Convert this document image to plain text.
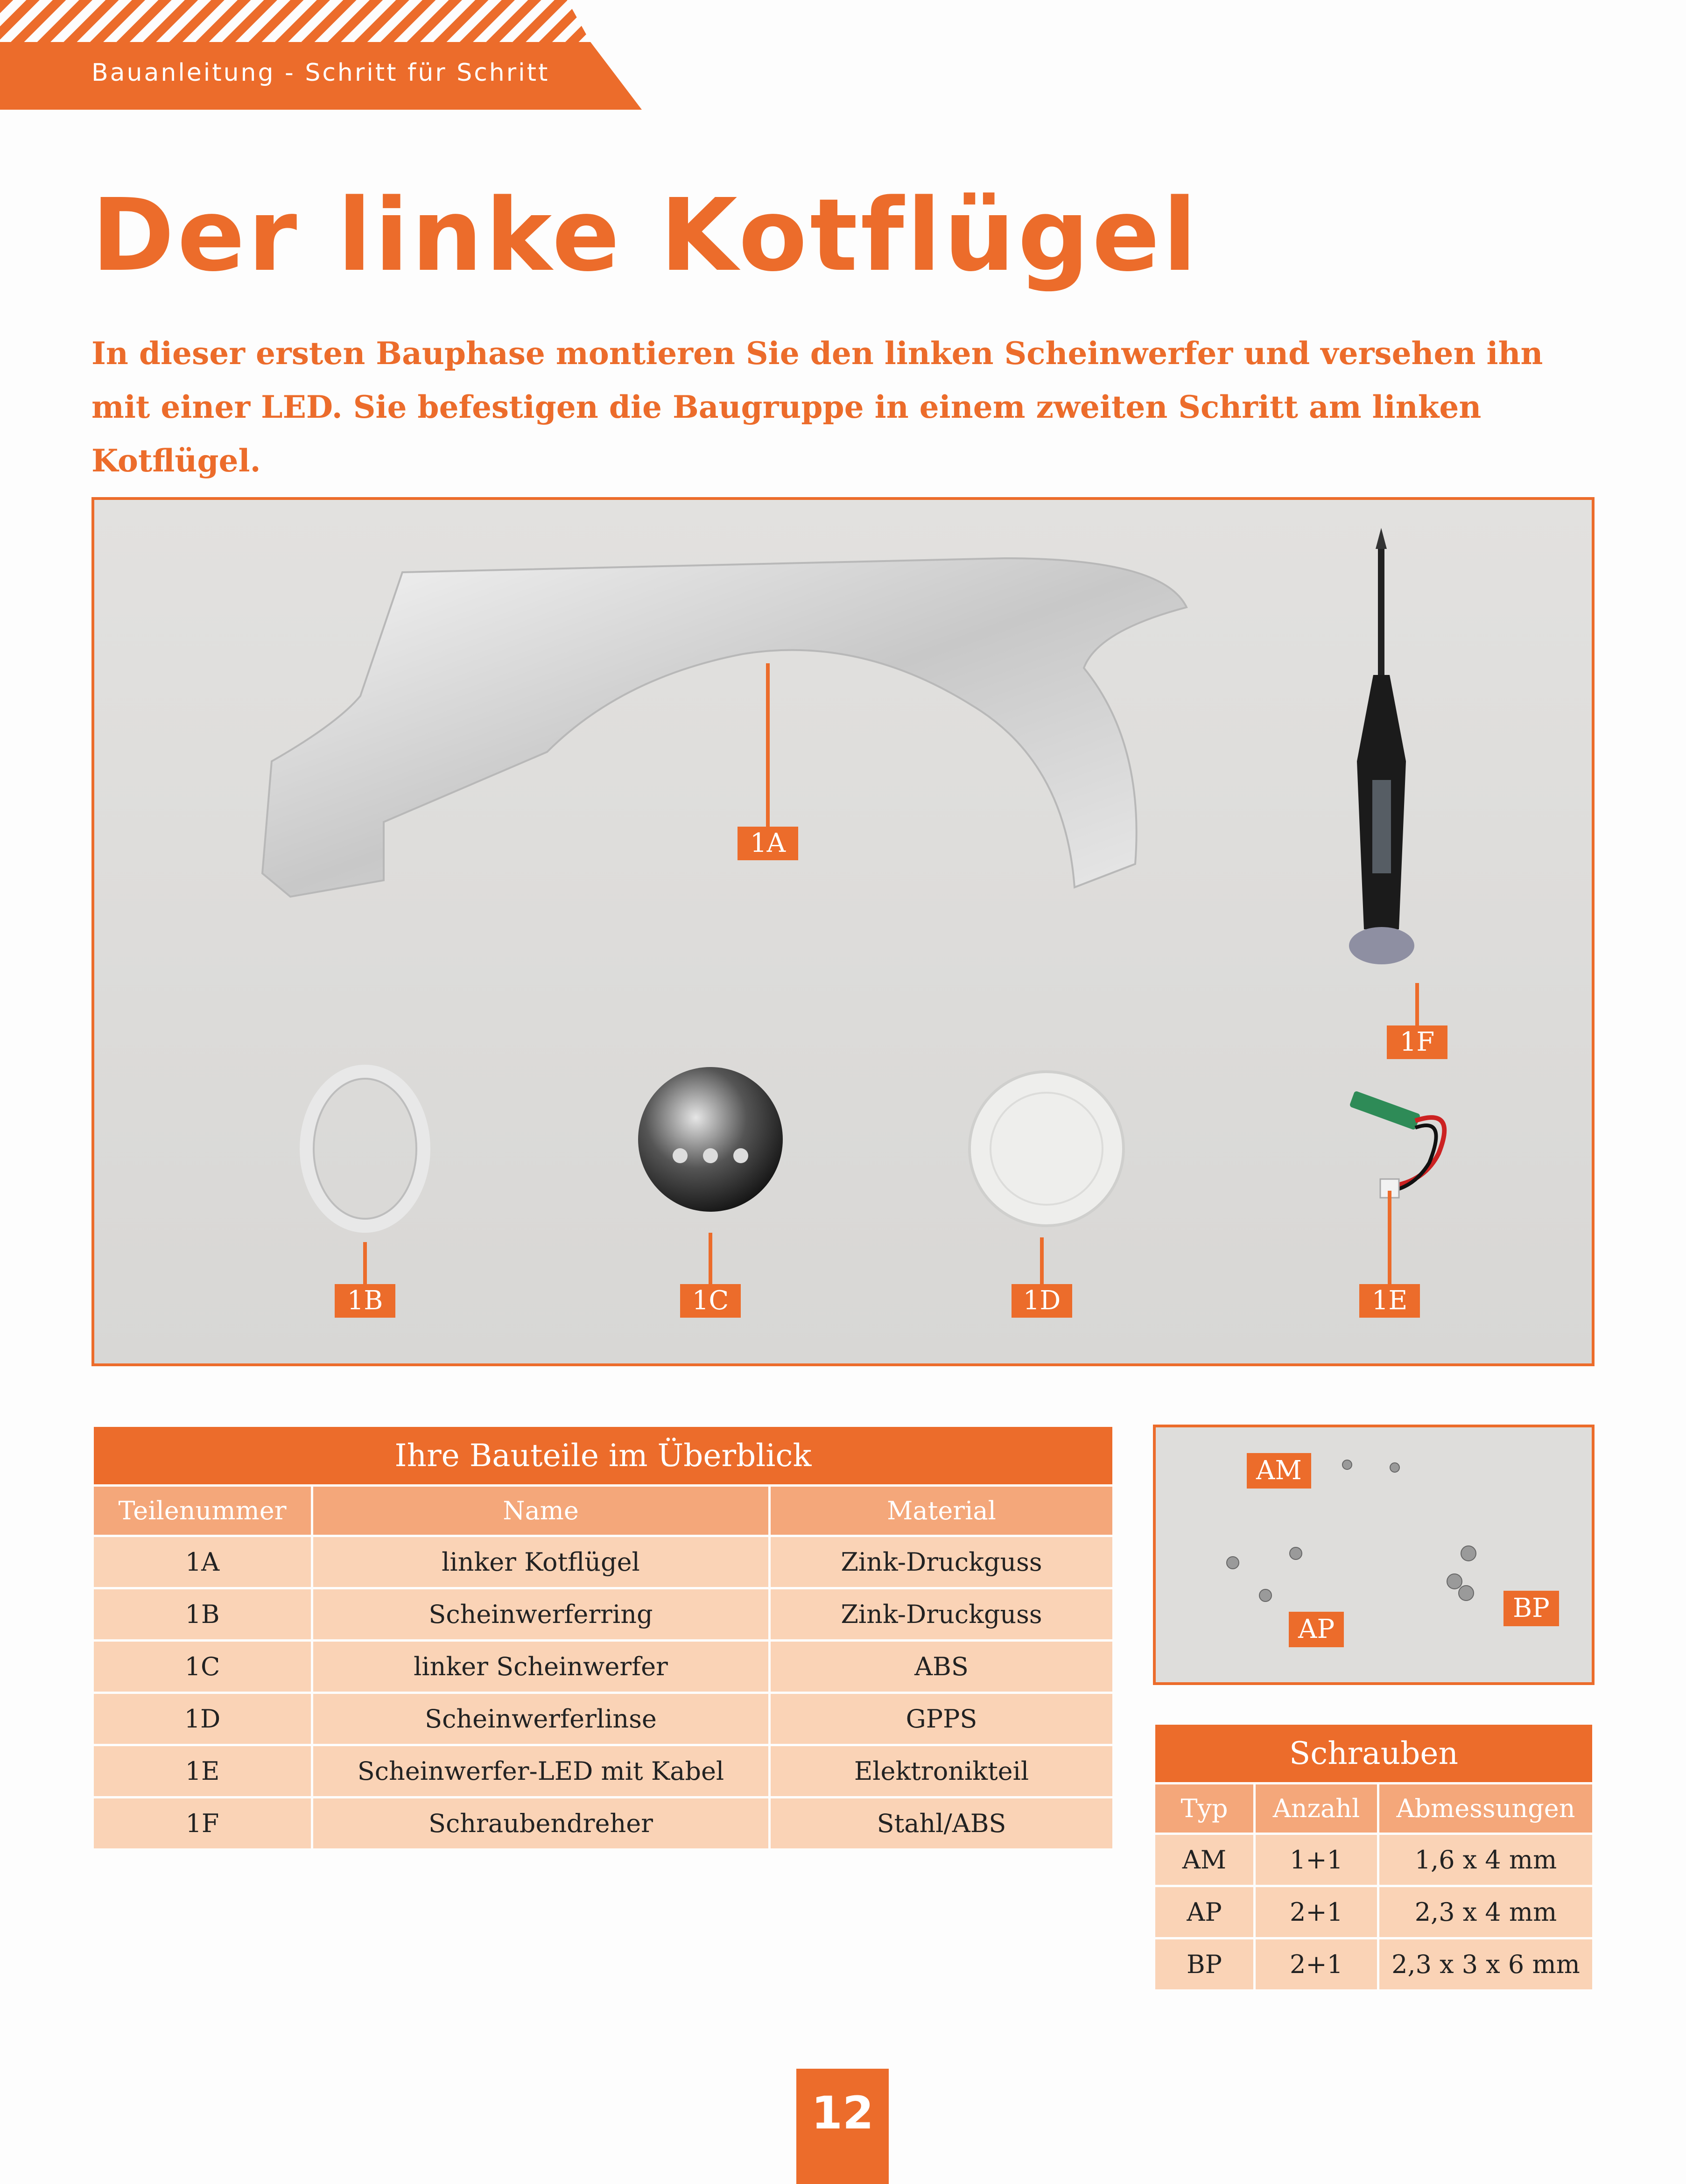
Bauanleitung - Schritt für Schritt
Der linke Kotflügel

In dieser ersten Bauphase montieren Sie den linken Scheinwerfer und versehen ihn mit einer LED. Sie befestigen die Baugruppe in einem zweiten Schritt am linken Kotflügel.

1A
1F
1B	1C	1D	1E
Ihre Bauteile im Überblick		
Teilenummer	Name	Material
1A	linker Kotflügel	Zink-Druckguss
1B	Scheinwerferring	Zink-Druckguss
1C	linker Scheinwerfer	ABS
1D	Scheinwerferlinse	GPPS
1E	Scheinwerfer-LED mit Kabel	Elektronikteil
1F	Schraubendreher	Stahl/ABS
AM
AP
BP
Schrauben		
Typ	Anzahl	Abmessungen
AM	1+1	1,6 x 4 mm
AP	2+1	2,3 x 4 mm
BP	2+1	2,3 x 3 x 6 mm
12
